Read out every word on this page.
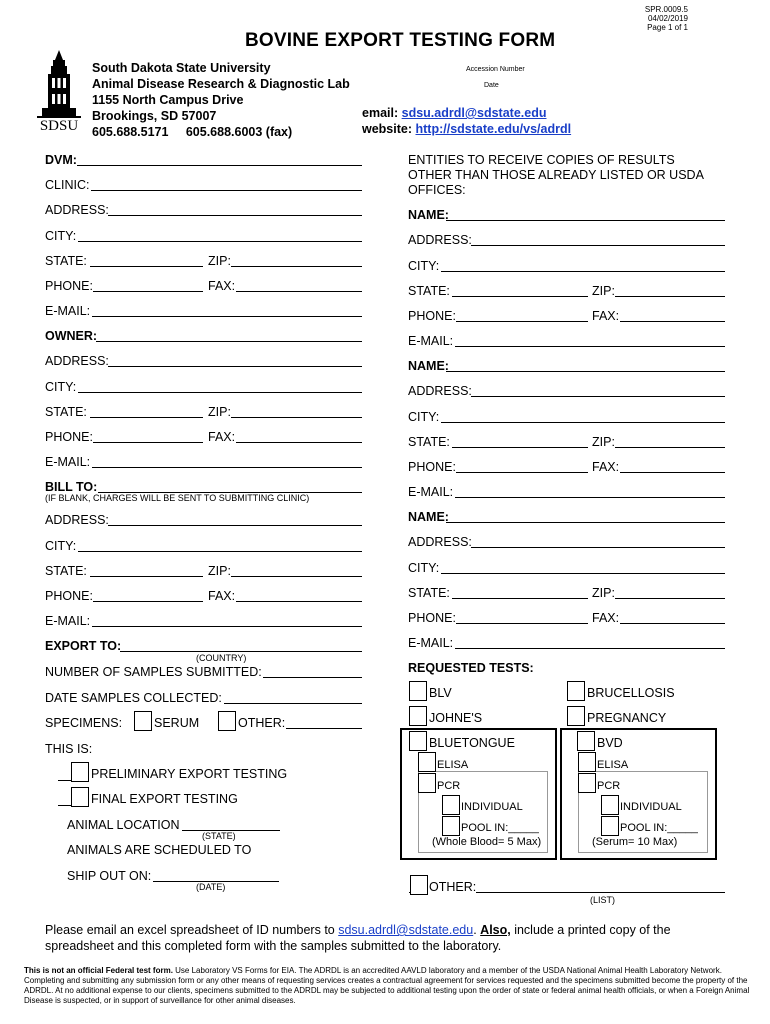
SPR.0009.5
04/02/2019
Page 1 of 1
BOVINE EXPORT TESTING FORM
SDSU
South Dakota State University
Animal Disease Research & Diagnostic Lab
1155 North Campus Drive
Brookings, SD 57007
605.688.5171 605.688.6003 (fax)
Accession Number
Date
email: sdsu.adrdl@sdstate.edu
website: http://sdstate.edu/vs/adrdl
DVM:
CLINIC:
ADDRESS:
CITY:
STATE:	ZIP:
PHONE:	FAX:
E-MAIL:
OWNER:
ADDRESS:
CITY:
STATE:	ZIP:
PHONE:	FAX:
E-MAIL:
BILL TO:
(IF BLANK, CHARGES WILL BE SENT TO SUBMITTING CLINIC)
ADDRESS:
CITY:
STATE:	ZIP:
PHONE:	FAX:
E-MAIL:
EXPORT TO:
(COUNTRY)
NUMBER OF SAMPLES SUBMITTED:
DATE SAMPLES COLLECTED:
SPECIMENS:	SERUM	OTHER:
THIS IS:
PRELIMINARY EXPORT TESTING
FINAL EXPORT TESTING
ANIMAL LOCATION
(STATE)
ANIMALS ARE SCHEDULED TO
SHIP OUT ON:
(DATE)
ENTITIES TO RECEIVE COPIES OF RESULTS
OTHER THAN THOSE ALREADY LISTED OR USDA
OFFICES:
NAME:
ADDRESS:
CITY:
STATE:	ZIP:
PHONE:	FAX:
E-MAIL:
NAME:
ADDRESS:
CITY:
STATE:	ZIP:
PHONE:	FAX:
E-MAIL:
NAME:
ADDRESS:
CITY:
STATE:	ZIP:
PHONE:	FAX:
E-MAIL:
REQUESTED TESTS:
BLV	BRUCELLOSIS
JOHNE'S	PREGNANCY
BLUETONGUE
ELISA
PCR
INDIVIDUAL
POOL IN:_____
(Whole Blood= 5 Max)
BVD
ELISA
PCR
INDIVIDUAL
POOL IN:_____
(Serum= 10 Max)
OTHER:
(LIST)
Please email an excel spreadsheet of ID numbers to sdsu.adrdl@sdstate.edu. Also, include a printed copy of the
spreadsheet and this completed form with the samples submitted to the laboratory.
This is not an official Federal test form. Use Laboratory VS Forms for EIA. The ADRDL is an accredited AAVLD laboratory and a member of the USDA National Animal Health Laboratory Network. Completing and submitting any submission form or any other means of requesting services creates a contractual agreement for services requested and the specimens submitted become the property of the ADRDL. At no additional expense to our clients, specimens submitted to the ADRDL may be subjected to additional testing upon the order of state or federal animal health officials, or when a Foreign Animal Disease is suspected, or in support of surveillance for other animal diseases.
